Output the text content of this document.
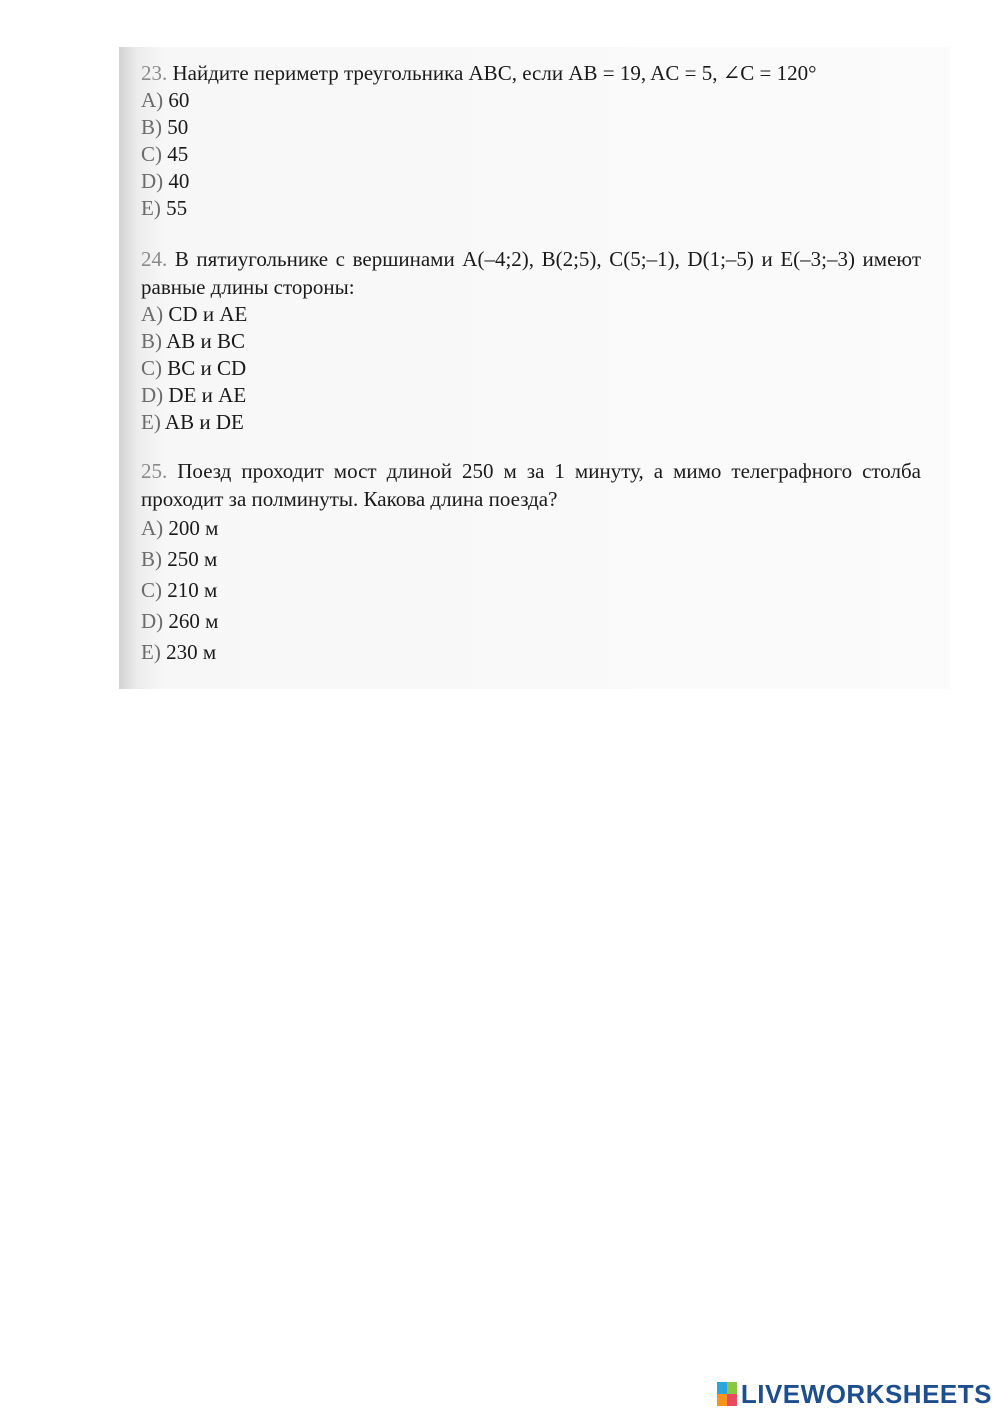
23. Найдите периметр треугольника ABC, если AB = 19, AC = 5, ∠C = 120°

A) 60
B) 50
C) 45
D) 40
E) 55

24. В пятиугольнике с вершинами A(–4;2), B(2;5), C(5;–1), D(1;–5) и E(–3;–3) имеют равные длины стороны:

A) CD и AE
B) AB и BC
C) BC и CD
D) DE и AE
E) AB и DE

25. Поезд проходит мост длиной 250 м за 1 минуту, а мимо телеграфного столба проходит за полминуты. Какова длина поезда?

A) 200 м
B) 250 м
C) 210 м
D) 260 м
E) 230 м
LIVEWORKSHEETS
